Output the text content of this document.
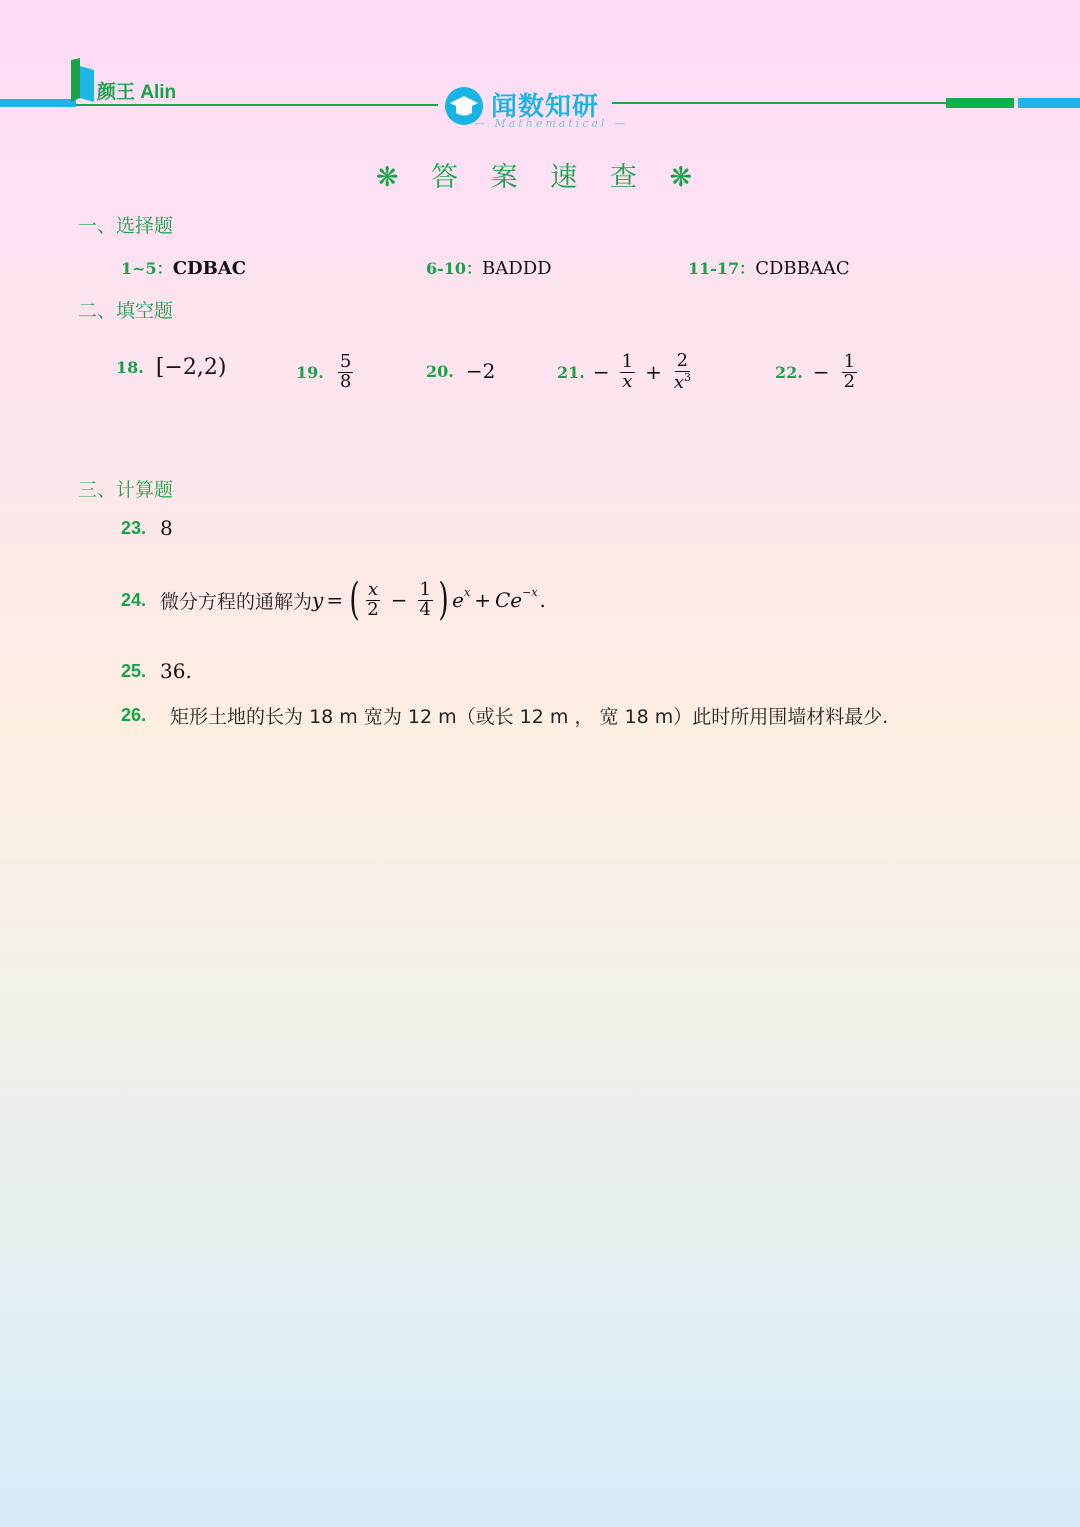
颜王 Alin	闻数知研
— Mathematical —
❋ 答 案 速 查 ❋
一、选择题
1~5：CDBAC	6-10：BADDD	11-17：CDBBAAC
二、填空题
18. [−2,2)	19. $\frac{5}{8}$	20. −2	21. − $\frac{1}{x} + \frac{2}{x^3}$	22. − $\frac{1}{2}$
三、计算题
23. 8
24. 微分方程的通解为 y = ( $\frac{x}{2} - \frac{1}{4}$ ) $e^x + Ce^{-x}$ .
25. 36.
26. 矩形土地的长为 18 m 宽为 12 m（或长 12 m ， 宽 18 m）此时所用围墙材料最少.
